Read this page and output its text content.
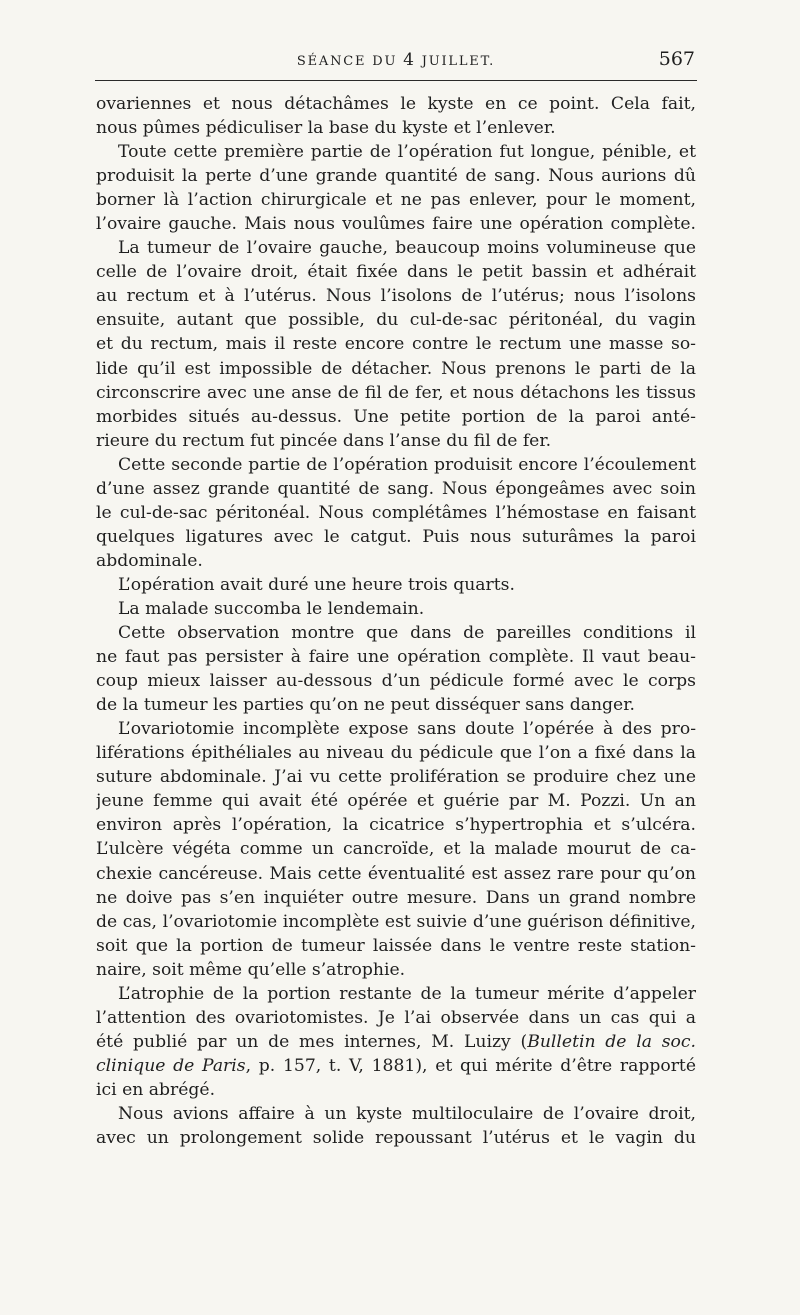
SÉANCE DU 4 JUILLET.	567
ovariennes et nous détachâmes le kyste en ce point. Cela fait,
nous pûmes pédiculiser la base du kyste et l’enlever.
Toute cette première partie de l’opération fut longue, pénible, et
produisit la perte d’une grande quantité de sang. Nous aurions dû
borner là l’action chirurgicale et ne pas enlever, pour le moment,
l’ovaire gauche. Mais nous voulûmes faire une opération complète.
La tumeur de l’ovaire gauche, beaucoup moins volumineuse que
celle de l’ovaire droit, était fixée dans le petit bassin et adhérait
au rectum et à l’utérus. Nous l’isolons de l’utérus; nous l’isolons
ensuite, autant que possible, du cul-de-sac péritonéal, du vagin
et du rectum, mais il reste encore contre le rectum une masse so-
lide qu’il est impossible de détacher. Nous prenons le parti de la
circonscrire avec une anse de fil de fer, et nous détachons les tissus
morbides situés au-dessus. Une petite portion de la paroi anté-
rieure du rectum fut pincée dans l’anse du fil de fer.
Cette seconde partie de l’opération produisit encore l’écoulement
d’une assez grande quantité de sang. Nous épongeâmes avec soin
le cul-de-sac péritonéal. Nous complétâmes l’hémostase en faisant
quelques ligatures avec le catgut. Puis nous suturâmes la paroi
abdominale.
L’opération avait duré une heure trois quarts.
La malade succomba le lendemain.
Cette observation montre que dans de pareilles conditions il
ne faut pas persister à faire une opération complète. Il vaut beau-
coup mieux laisser au-dessous d’un pédicule formé avec le corps
de la tumeur les parties qu’on ne peut disséquer sans danger.
L’ovariotomie incomplète expose sans doute l’opérée à des pro-
liférations épithéliales au niveau du pédicule que l’on a fixé dans la
suture abdominale. J’ai vu cette prolifération se produire chez une
jeune femme qui avait été opérée et guérie par M. Pozzi. Un an
environ après l’opération, la cicatrice s’hypertrophia et s’ulcéra.
L’ulcère végéta comme un cancroïde, et la malade mourut de ca-
chexie cancéreuse. Mais cette éventualité est assez rare pour qu’on
ne doive pas s’en inquiéter outre mesure. Dans un grand nombre
de cas, l’ovariotomie incomplète est suivie d’une guérison définitive,
soit que la portion de tumeur laissée dans le ventre reste station-
naire, soit même qu’elle s’atrophie.
L’atrophie de la portion restante de la tumeur mérite d’appeler
l’attention des ovariotomistes. Je l’ai observée dans un cas qui a
été publié par un de mes internes, M. Luizy (Bulletin de la soc.
clinique de Paris, p. 157, t. V, 1881), et qui mérite d’être rapporté
ici en abrégé.
Nous avions affaire à un kyste multiloculaire de l’ovaire droit,
avec un prolongement solide repoussant l’utérus et le vagin du
